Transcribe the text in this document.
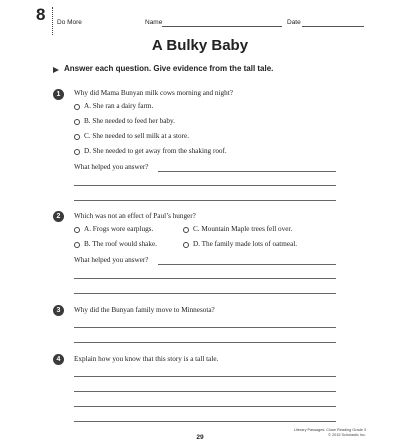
8 Do More	Name	Date
A Bulky Baby
Answer each question. Give evidence from the tall tale.
1	Why did Mama Bunyan milk cows morning and night?
A. She ran a dairy farm.
B. She needed to feed her baby.
C. She needed to sell milk at a store.
D. She needed to get away from the shaking roof.
What helped you answer?
2	Which was not an effect of Paul’s hunger?
A. Frogs wore earplugs.	C. Mountain Maple trees fell over.
B. The roof would shake.	D. The family made lots of oatmeal.
What helped you answer?
3	Why did the Bunyan family move to Minnesota?
4	Explain how you know that this story is a tall tale.
29
Literary Passages: Close Reading Grade 3
© 2015 Scholastic Inc.
